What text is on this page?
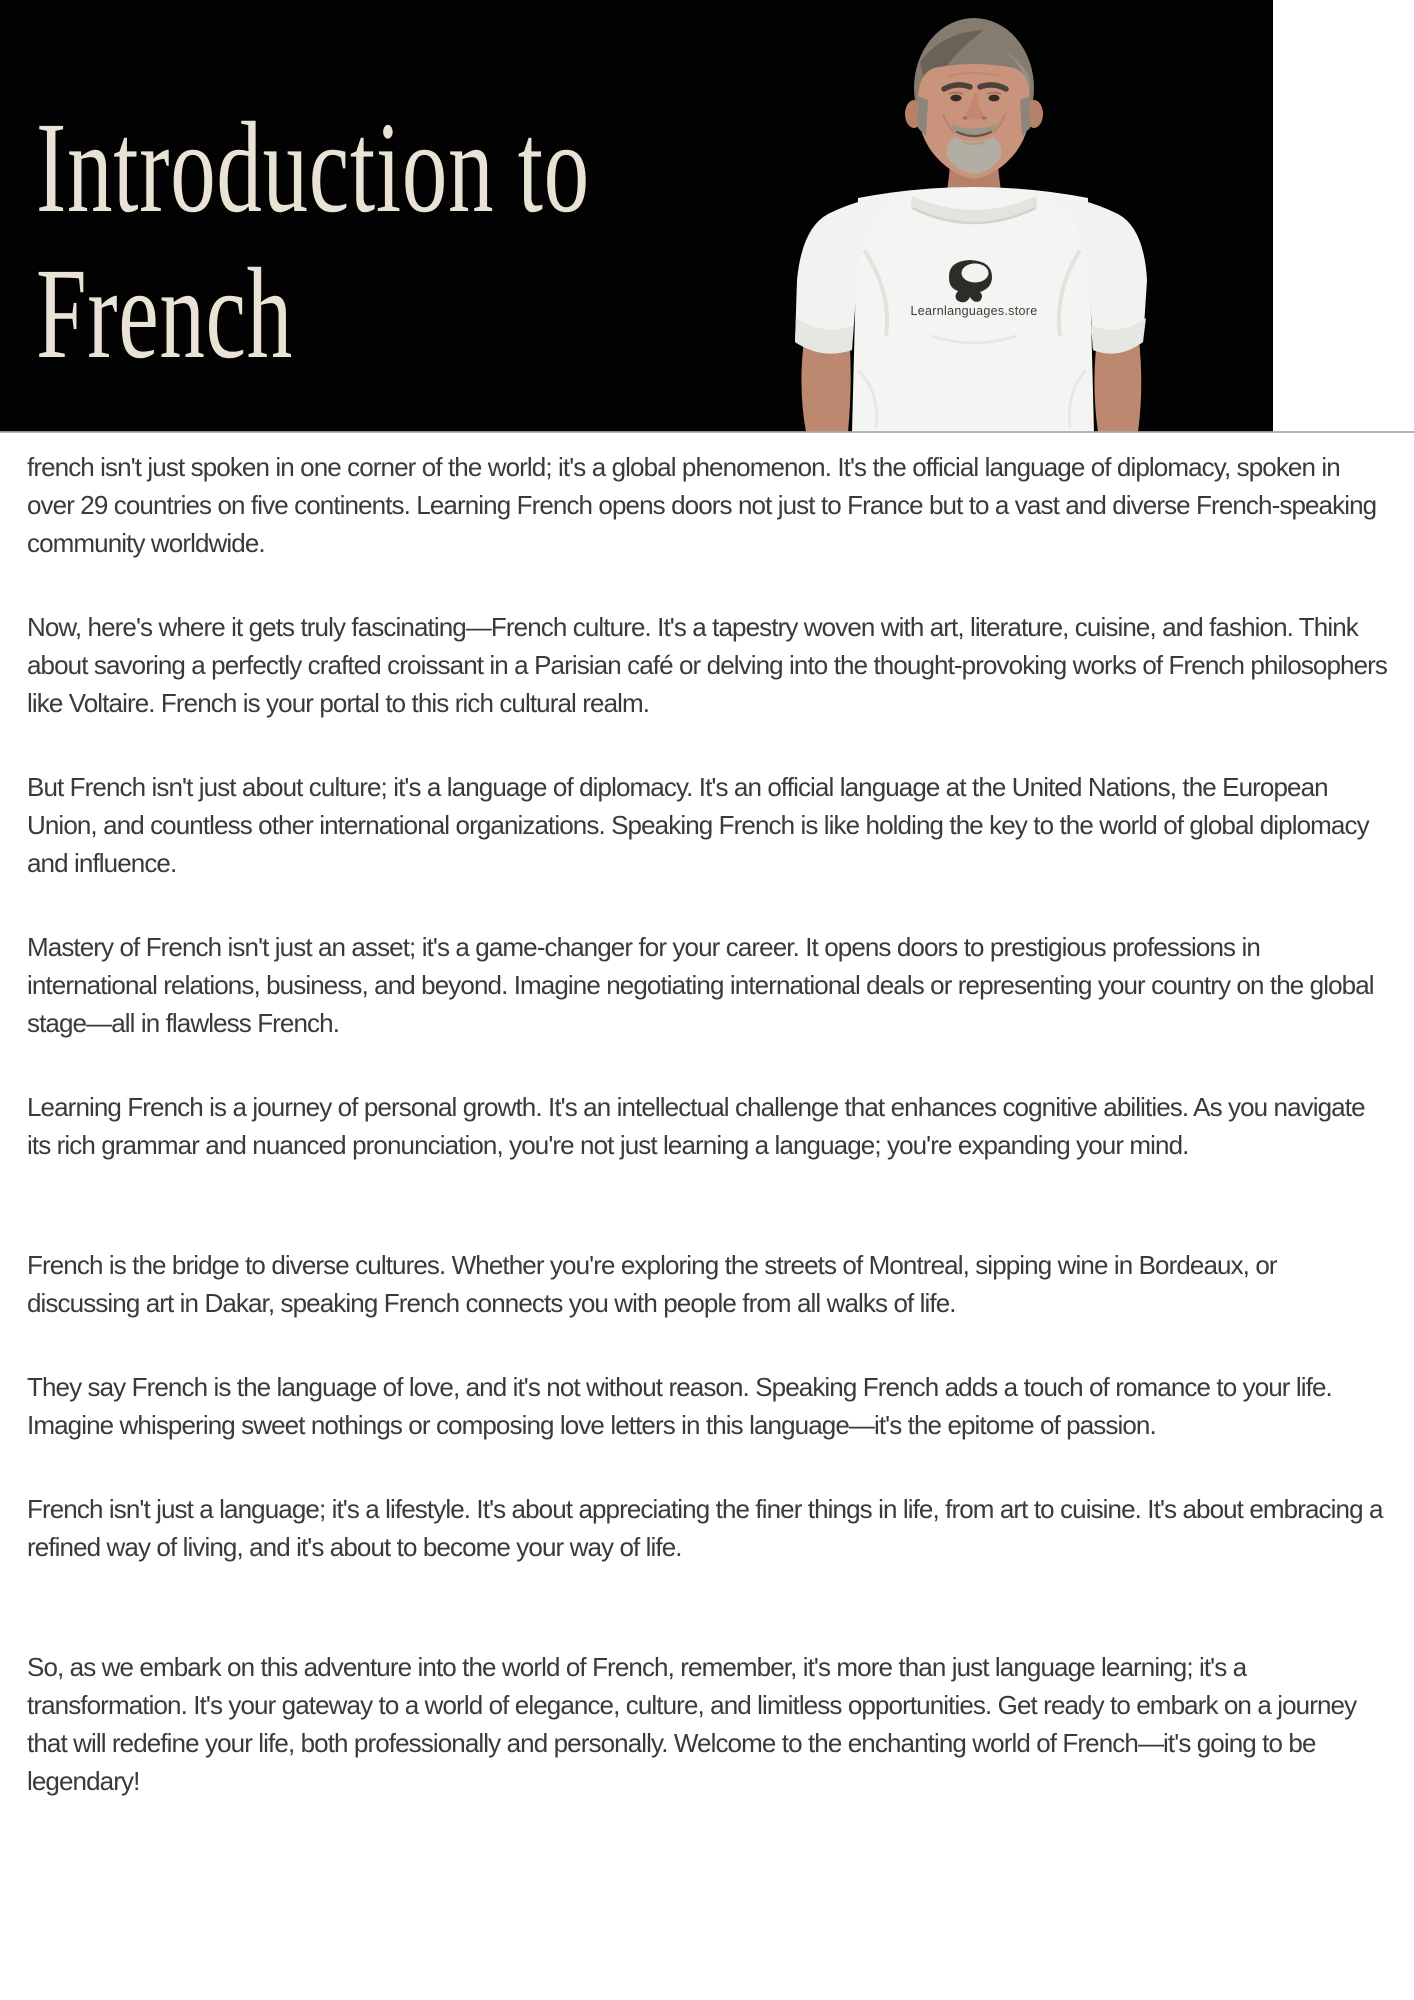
Introduction to
French	Learnlanguages.store

french isn't just spoken in one corner of the world; it's a global phenomenon. It's the official language of diplomacy, spoken in over 29 countries on five continents. Learning French opens doors not just to France but to a vast and diverse French-speaking community worldwide.

Now, here's where it gets truly fascinating—French culture. It's a tapestry woven with art, literature, cuisine, and fashion. Think about savoring a perfectly crafted croissant in a Parisian café or delving into the thought-provoking works of French philosophers like Voltaire. French is your portal to this rich cultural realm.

But French isn't just about culture; it's a language of diplomacy. It's an official language at the United Nations, the European Union, and countless other international organizations. Speaking French is like holding the key to the world of global diplomacy and influence.

Mastery of French isn't just an asset; it's a game-changer for your career. It opens doors to prestigious professions in international relations, business, and beyond. Imagine negotiating international deals or representing your country on the global stage—all in flawless French.

Learning French is a journey of personal growth. It's an intellectual challenge that enhances cognitive abilities. As you navigate its rich grammar and nuanced pronunciation, you're not just learning a language; you're expanding your mind.

French is the bridge to diverse cultures. Whether you're exploring the streets of Montreal, sipping wine in Bordeaux, or discussing art in Dakar, speaking French connects you with people from all walks of life.

They say French is the language of love, and it's not without reason. Speaking French adds a touch of romance to your life. Imagine whispering sweet nothings or composing love letters in this language—it's the epitome of passion.

French isn't just a language; it's a lifestyle. It's about appreciating the finer things in life, from art to cuisine. It's about embracing a refined way of living, and it's about to become your way of life.

So, as we embark on this adventure into the world of French, remember, it's more than just language learning; it's a transformation. It's your gateway to a world of elegance, culture, and limitless opportunities. Get ready to embark on a journey that will redefine your life, both professionally and personally. Welcome to the enchanting world of French—it's going to be legendary!
